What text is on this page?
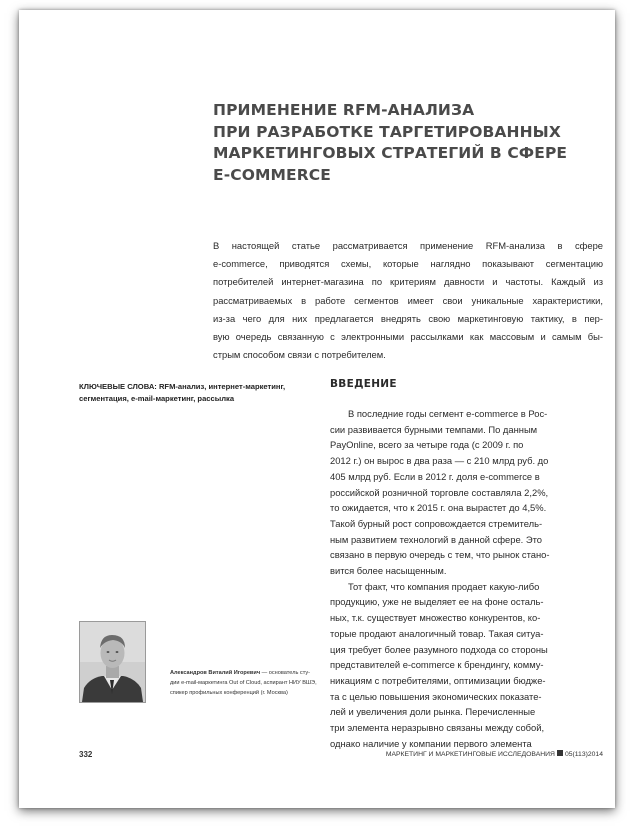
ПРИМЕНЕНИЕ RFM-АНАЛИЗА
ПРИ РАЗРАБОТКЕ ТАРГЕТИРОВАННЫХ
МАРКЕТИНГОВЫХ СТРАТЕГИЙ В СФЕРЕ
E-COMMERCE

В настоящей статье рассматривается применение RFM-анализа в сфере
e-commerce, приводятся схемы, которые наглядно показывают сегментацию
потребителей интернет-магазина по критериям давности и частоты. Каждый из
рассматриваемых в работе сегментов имеет свои уникальные характеристики,
из-за чего для них предлагается внедрять свою маркетинговую тактику, в пер-
вую очередь связанную с электронными рассылками как массовым и самым бы-
стрым способом связи с потребителем.

КЛЮЧЕВЫЕ СЛОВА: RFM-анализ, интернет-маркетинг,
сегментация, e-mail-маркетинг, рассылка
ВВЕДЕНИЕ

В последние годы сегмент e-commerce в Рос-
сии развивается бурными темпами. По данным
PayOnline, всего за четыре года (с 2009 г. по
2012 г.) он вырос в два раза — с 210 млрд руб. до
405 млрд руб. Если в 2012 г. доля e-commerce в
российской розничной торговле составляла 2,2%,
то ожидается, что к 2015 г. она вырастет до 4,5%.
Такой бурный рост сопровождается стремитель-
ным развитием технологий в данной сфере. Это
связано в первую очередь с тем, что рынок стано-
вится более насыщенным.
Тот факт, что компания продает какую-либо
продукцию, уже не выделяет ее на фоне осталь-
ных, т.к. существует множество конкурентов, ко-
торые продают аналогичный товар. Такая ситуа-
ция требует более разумного подхода со стороны
представителей e-commerce к брендингу, комму-
никациям с потребителями, оптимизации бюдже-
та с целью повышения экономических показате-
лей и увеличения доли рынка. Перечисленные
три элемента неразрывно связаны между собой,
однако наличие у компании первого элемента

Александров Виталий Игоревич — основатель сту-
дии e-mail-маркетинга Out of Cloud, аспирант НИУ ВШЭ,
спикер профильных конференций (г. Москва)
332	МАРКЕТИНГ И МАРКЕТИНГОВЫЕ ИССЛЕДОВАНИЯ 05(113)2014
